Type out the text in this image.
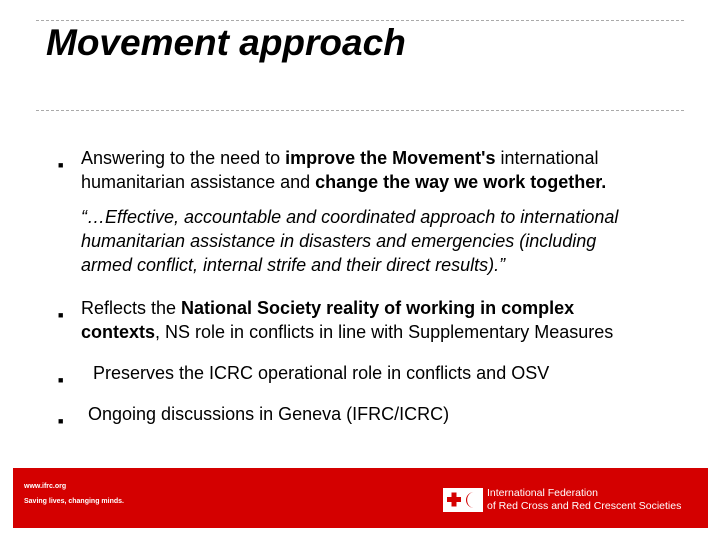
Movement approach
■ Answering to the need to improve the Movement's international
humanitarian assistance and change the way we work together.
■ Reflects the National Society reality of working in complex
contexts, NS role in conflicts in line with Supplementary Measures
■ Preserves the ICRC operational role in conflicts and OSV
■ Ongoing discussions in Geneva (IFRC/ICRC)
“…Effective, accountable and coordinated approach to international
humanitarian assistance in disasters and emergencies (including
armed conflict, internal strife and their direct results).”
www.ifrc.org
Saving lives, changing minds.
International Federation
of Red Cross and Red Crescent Societies
